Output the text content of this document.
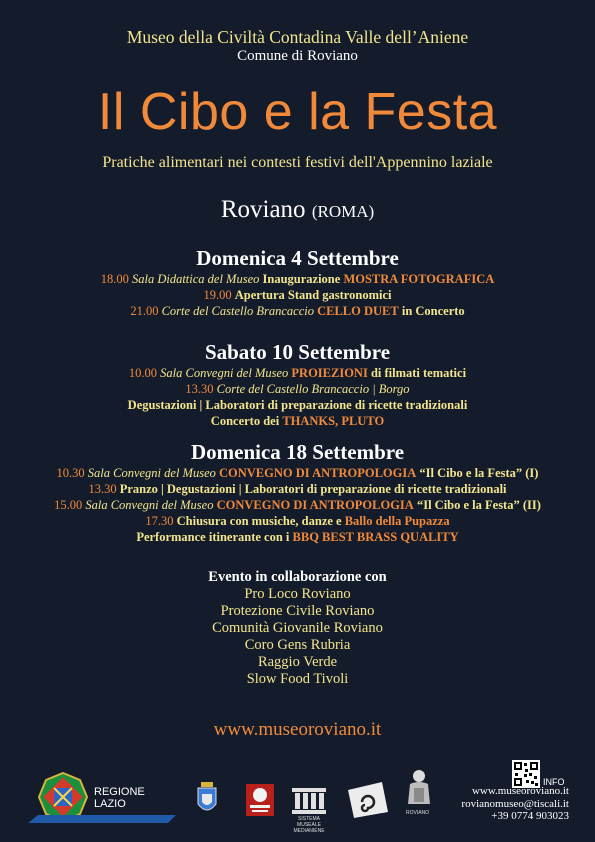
Museo della Civiltà Contadina Valle dell’Aniene
Comune di Roviano
Il Cibo e la Festa
Pratiche alimentari nei contesti festivi dell'Appennino laziale
Roviano (ROMA)
Domenica 4 Settembre
18.00 Sala Didattica del Museo Inaugurazione MOSTRA FOTOGRAFICA
19.00 Apertura Stand gastronomici
21.00 Corte del Castello Brancaccio CELLO DUET in Concerto
Sabato 10 Settembre
10.00 Sala Convegni del Museo PROIEZIONI di filmati tematici
13.30 Corte del Castello Brancaccio | Borgo
Degustazioni | Laboratori di preparazione di ricette tradizionali
Concerto dei THANKS, PLUTO
Domenica 18 Settembre
10.30 Sala Convegni del Museo CONVEGNO DI ANTROPOLOGIA “Il Cibo e la Festa” (I)
13.30 Pranzo | Degustazioni | Laboratori di preparazione di ricette tradizionali
15.00 Sala Convegni del Museo CONVEGNO DI ANTROPOLOGIA “Il Cibo e la Festa” (II)
17.30 Chiusura con musiche, danze e Ballo della Pupazza
Performance itinerante con i BBQ BEST BRASS QUALITY
Evento in collaborazione con
Pro Loco Roviano
Protezione Civile Roviano
Comunità Giovanile Roviano
Coro Gens Rubria
Raggio Verde
Slow Food Tivoli
www.museoroviano.it
REGIONE
LAZIO
SISTEMA MUSEALE
MEDIANIENE
ROVIANO
INFO
www.museoroviano.it
rovianomuseo@tiscali.it
+39 0774 903023
